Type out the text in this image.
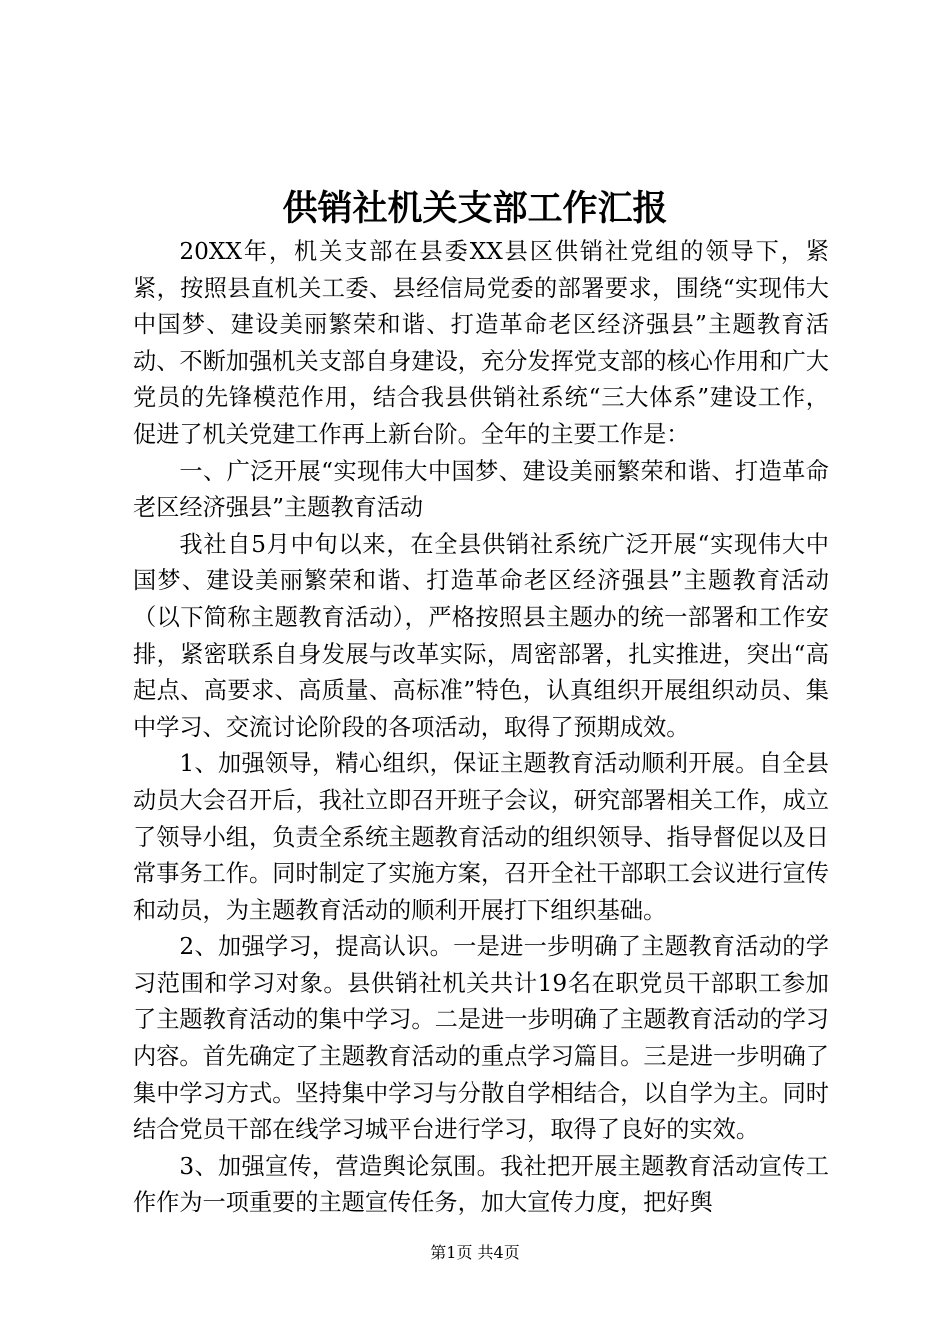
供销社机关支部工作汇报

20XX年，机关支部在县委XX县区供销社党组的领导下，紧紧，按照县直机关工委、县经信局党委的部署要求，围绕“实现伟大中国梦、建设美丽繁荣和谐、打造革命老区经济强县”主题教育活动、不断加强机关支部自身建设，充分发挥党支部的核心作用和广大党员的先锋模范作用，结合我县供销社系统“三大体系”建设工作，促进了机关党建工作再上新台阶。全年的主要工作是：

一、广泛开展“实现伟大中国梦、建设美丽繁荣和谐、打造革命老区经济强县”主题教育活动

我社自5月中旬以来，在全县供销社系统广泛开展“实现伟大中国梦、建设美丽繁荣和谐、打造革命老区经济强县”主题教育活动（以下简称主题教育活动），严格按照县主题办的统一部署和工作安排，紧密联系自身发展与改革实际，周密部署，扎实推进，突出“高起点、高要求、高质量、高标准”特色，认真组织开展组织动员、集中学习、交流讨论阶段的各项活动，取得了预期成效。

1、加强领导，精心组织，保证主题教育活动顺利开展。自全县动员大会召开后，我社立即召开班子会议，研究部署相关工作，成立了领导小组，负责全系统主题教育活动的组织领导、指导督促以及日常事务工作。同时制定了实施方案，召开全社干部职工会议进行宣传和动员，为主题教育活动的顺利开展打下组织基础。

2、加强学习，提高认识。一是进一步明确了主题教育活动的学习范围和学习对象。县供销社机关共计19名在职党员干部职工参加了主题教育活动的集中学习。二是进一步明确了主题教育活动的学习内容。首先确定了主题教育活动的重点学习篇目。三是进一步明确了集中学习方式。坚持集中学习与分散自学相结合，以自学为主。同时结合党员干部在线学习城平台进行学习，取得了良好的实效。

3、加强宣传，营造舆论氛围。我社把开展主题教育活动宣传工作作为一项重要的主题宣传任务，加大宣传力度，把好舆

第1页 共4页
